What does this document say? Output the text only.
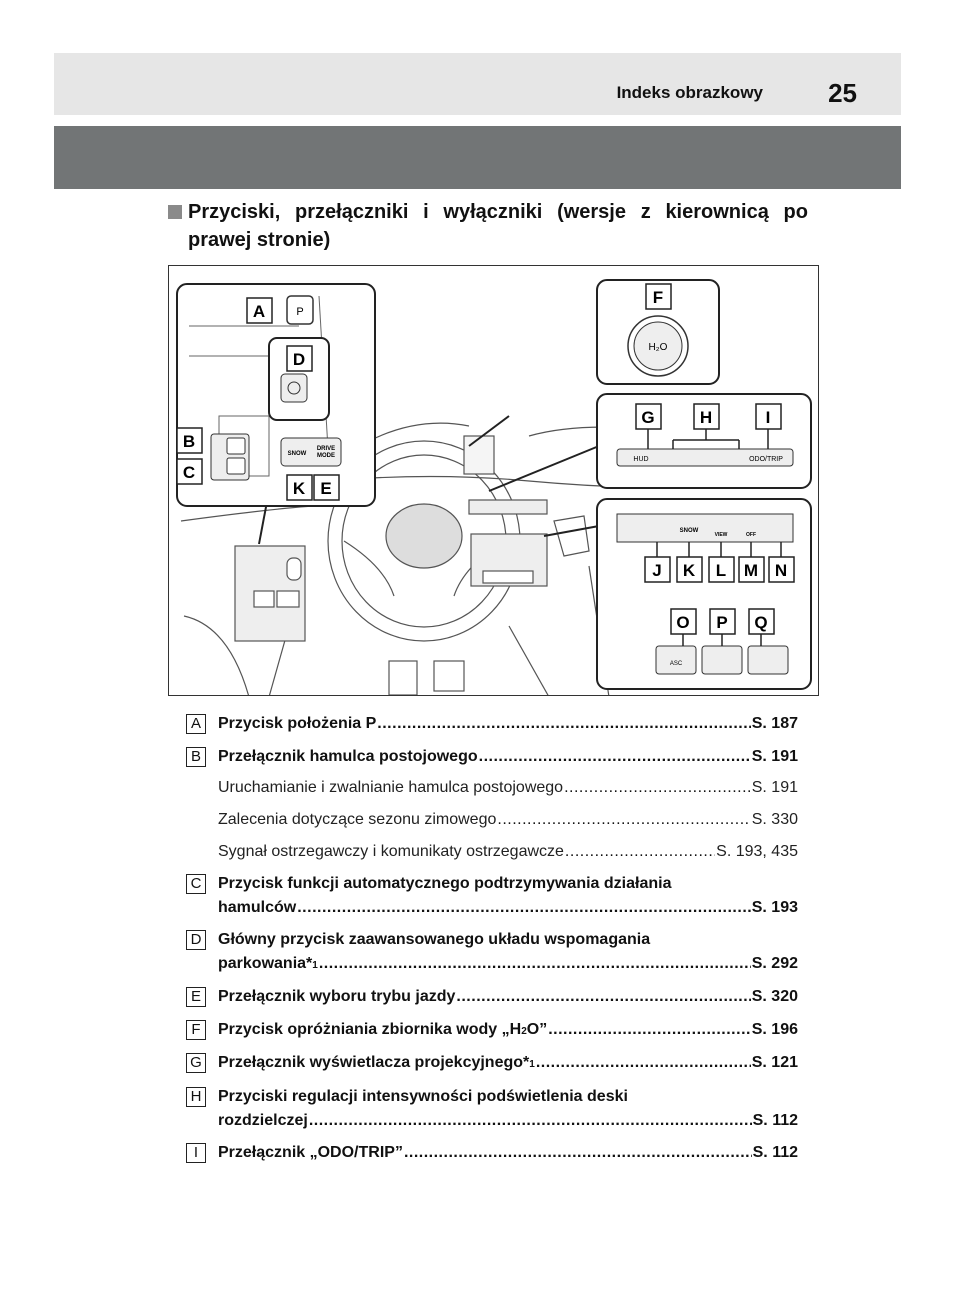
Indeks obrazkowy	25
Przyciski, przełączniki i wyłączniki (wersje z kierownicą po
prawej stronie)
P
SNOW
DRIVE
MODE
H₂O
HUD	ODO/TRIP
SNOW
VIEW	OFF
ASC
A
B
C
D
E
F
G	H	I
J K L M N
O P Q
K
A	Przycisk położenia P .....	S. 187
B	Przełącznik hamulca postojowego .....	S. 191
Uruchamianie i zwalnianie hamulca postojowego .....	S. 191
Zalecenia dotyczące sezonu zimowego .....	S. 330
Sygnał ostrzegawczy i komunikaty ostrzegawcze .....	S. 193, 435
C Przycisk funkcji automatycznego podtrzymywania działania
hamulców .....	S. 193
D Główny przycisk zaawansowanego układu wspomagania
parkowania* 1 .....	S. 292
E	Przełącznik wyboru trybu jazdy .....	S. 320
F	Przycisk opróżniania zbiornika wody „H 2 O” .....	S. 196
G Przełącznik wyświetlacza projekcyjnego* 1 .....	S. 121
H Przyciski regulacji intensywności podświetlenia deski
rozdzielczej .....	S. 112
I	Przełącznik „ODO/TRIP” .....	S. 112
